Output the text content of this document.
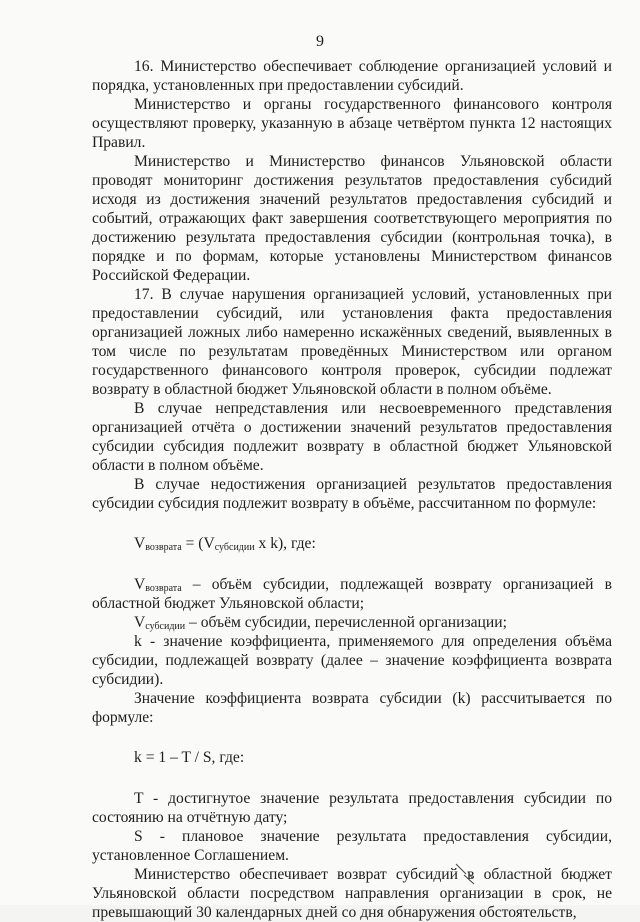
9

16. Министерство обеспечивает соблюдение организацией условий и порядка, установленных при предоставлении субсидий.

Министерство и органы государственного финансового контроля осуществляют проверку, указанную в абзаце четвёртом пункта 12 настоящих Правил.

Министерство и Министерство финансов Ульяновской области проводят мониторинг достижения результатов предоставления субсидий исходя из достижения значений результатов предоставления субсидий и событий, отражающих факт завершения соответствующего мероприятия по достижению результата предоставления субсидии (контрольная точка), в порядке и по формам, которые установлены Министерством финансов Российской Федерации.

17. В случае нарушения организацией условий, установленных при предоставлении субсидий, или установления факта предоставления организацией ложных либо намеренно искажённых сведений, выявленных в том числе по результатам проведённых Министерством или органом государственного финансового контроля проверок, субсидии подлежат возврату в областной бюджет Ульяновской области в полном объёме.

В случае непредставления или несвоевременного представления организацией отчёта о достижении значений результатов предоставления субсидии субсидия подлежит возврату в областной бюджет Ульяновской области в полном объёме.

В случае недостижения организацией результатов предоставления субсидии субсидия подлежит возврату в объёме, рассчитанном по формуле:

$V_{возврата} = (V_{субсидии}$ x k), где:

$V_{возврата}$ – объём субсидии, подлежащей возврату организацией в областной бюджет Ульяновской области;

$V_{субсидии}$ – объём субсидии, перечисленной организации;

k - значение коэффициента, применяемого для определения объёма субсидии, подлежащей возврату (далее – значение коэффициента возврата субсидии).

Значение коэффициента возврата субсидии (k) рассчитывается по формуле:

k = 1 – T / S, где:

T - достигнутое значение результата предоставления субсидии по состоянию на отчётную дату;

S - плановое значение результата предоставления субсидии, установленное Соглашением.

Министерство обеспечивает возврат субсидий в областной бюджет Ульяновской области посредством направления организации в срок, не превышающий 30 календарных дней со дня обнаружения обстоятельств,
